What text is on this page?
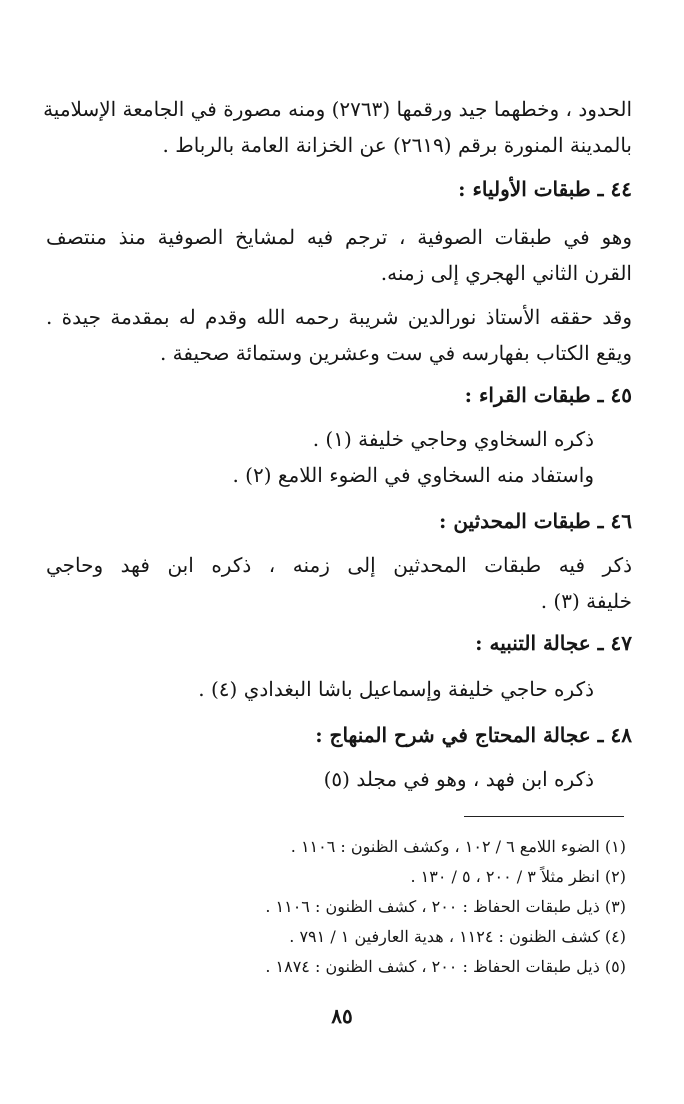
الحدود ، وخطهما جيد ورقمها (٢٧٦٣) ومنه مصورة في الجامعة الإسلامية
بالمدينة المنورة برقم (٢٦١٩) عن الخزانة العامة بالرباط .
٤٤ ـ طبقات الأولياء :
وهو في طبقات الصوفية ، ترجم فيه لمشايخ الصوفية منذ منتصف
القرن الثاني الهجري إلى زمنه.
وقد حققه الأستاذ نورالدين شريبة رحمه الله وقدم له بمقدمة جيدة .
ويقع الكتاب بفهارسه في ست وعشرين وستمائة صحيفة .
٤٥ ـ طبقات القراء :
ذكره السخاوي وحاجي خليفة (١) .
واستفاد منه السخاوي في الضوء اللامع (٢) .
٤٦ ـ طبقات المحدثين :
ذكر فيه طبقات المحدثين إلى زمنه ، ذكره ابن فهد وحاجي
خليفة (٣) .
٤٧ ـ عجالة التنبيه :
ذكره حاجي خليفة وإسماعيل باشا البغدادي (٤) .
٤٨ ـ عجالة المحتاج في شرح المنهاج :
ذكره ابن فهد ، وهو في مجلد (٥)
(١) الضوء اللامع ٦ / ١٠٢ ، وكشف الظنون : ١١٠٦ .
(٢) انظر مثلاً ٣ / ٢٠٠ ، ٥ / ١٣٠ .
(٣) ذيل طبقات الحفاظ : ٢٠٠ ، كشف الظنون : ١١٠٦ .
(٤) كشف الظنون : ١١٢٤ ، هدية العارفين ١ / ٧٩١ .
(٥) ذيل طبقات الحفاظ : ٢٠٠ ، كشف الظنون : ١٨٧٤ .
٨٥
